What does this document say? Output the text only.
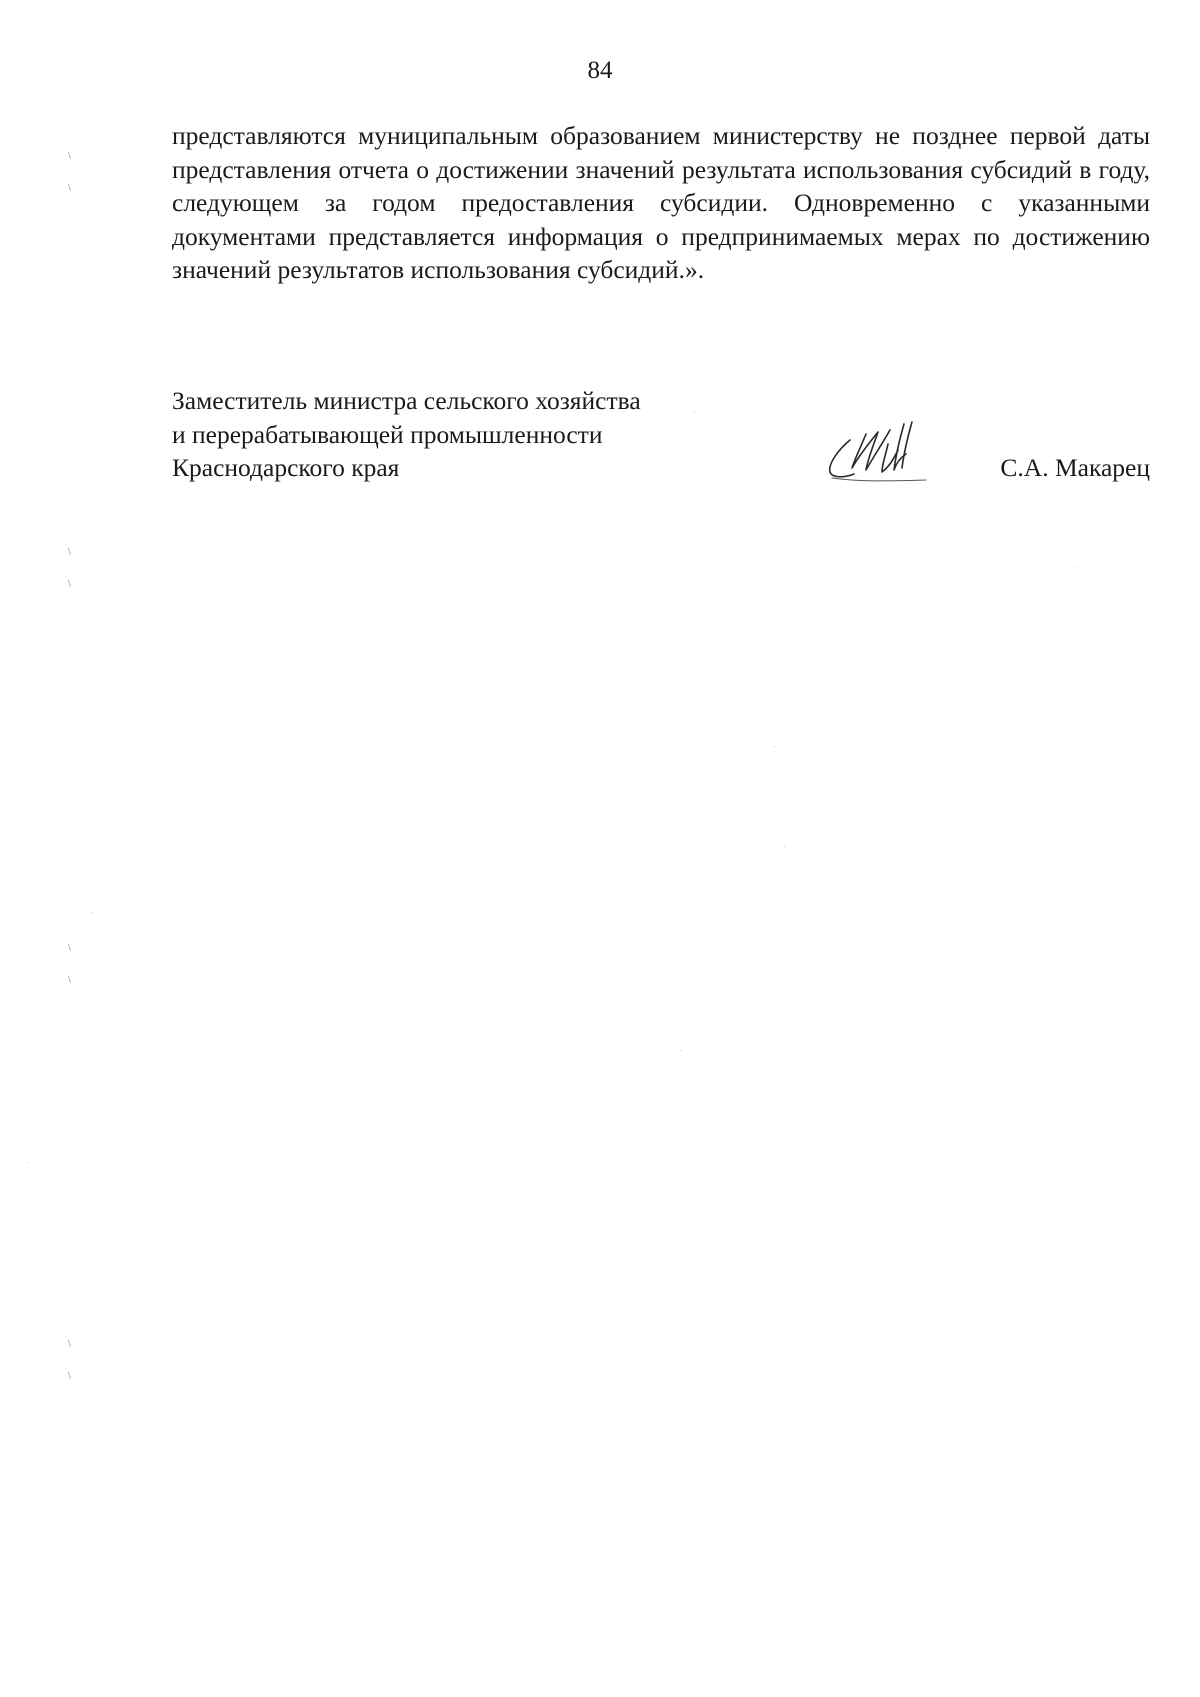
84

представляются муниципальным образованием министерству не позднее первой даты представления отчета о достижении значений результата использования субсидий в году, следующем за годом предоставления субсидии. Одновременно с указанными документами представляется информация о предпринимаемых мерах по достижению значений результатов использования субсидий.».

Заместитель министра сельского хозяйства
и перерабатывающей промышленности
Краснодарского края	С.А. Макарец
